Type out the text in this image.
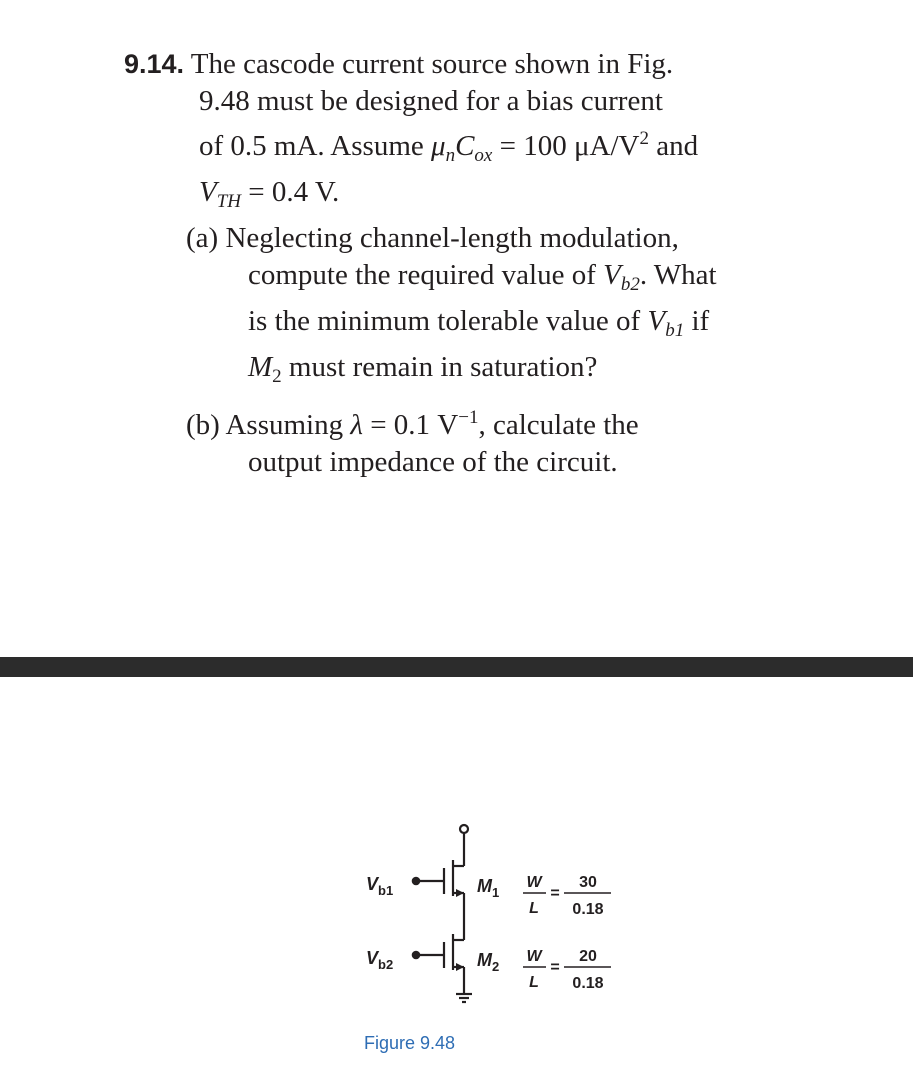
9.14. The cascode current source shown in Fig.
9.48 must be designed for a bias current
of 0.5 mA. Assume $\mu_nC_{ox} = 100$ $\mu A/V^2$ and
$V_{TH} = 0.4$ V.
(a) Neglecting channel-length modulation,
compute the required value of $V_{b2}$. What
is the minimum tolerable value of $V_{b1}$ if
$M_2$ must remain in saturation?
(b) Assuming λ = 0.1 $V^{-1}$, calculate the
output impedance of the circuit.
$V_{b1}$
$V_{b2}$
$M_1$
$M_2$
W
L
=
30
0.18
W
L
=
20
0.18
Figure 9.48
